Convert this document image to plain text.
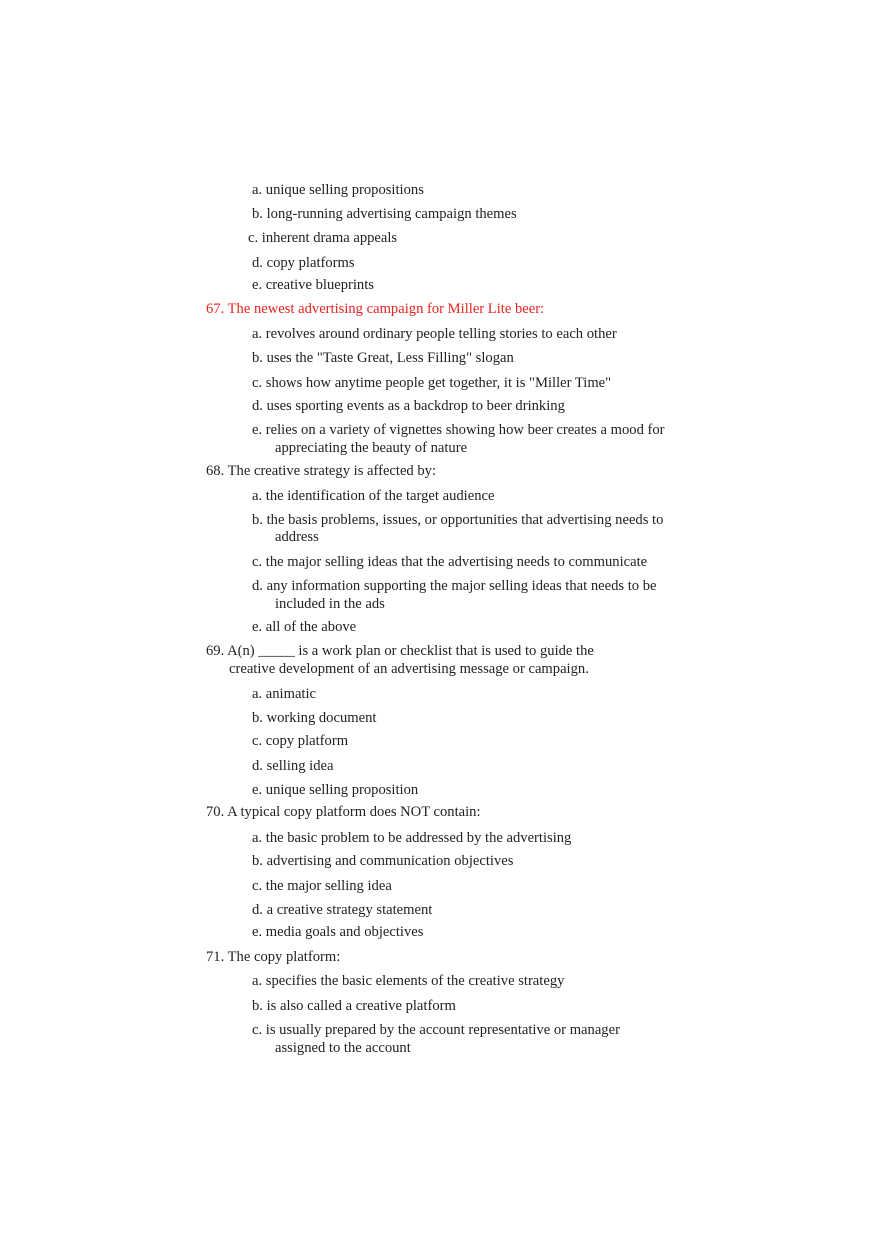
a. unique selling propositions
b. long-running advertising campaign themes
c. inherent drama appeals
d. copy platforms
e. creative blueprints
67. The newest advertising campaign for Miller Lite beer:
a. revolves around ordinary people telling stories to each other
b. uses the "Taste Great, Less Filling" slogan
c. shows how anytime people get together, it is "Miller Time"
d. uses sporting events as a backdrop to beer drinking
e. relies on a variety of vignettes showing how beer creates a mood for
appreciating the beauty of nature
68. The creative strategy is affected by:
a. the identification of the target audience
b. the basis problems, issues, or opportunities that advertising needs to
address
c. the major selling ideas that the advertising needs to communicate
d. any information supporting the major selling ideas that needs to be
included in the ads
e. all of the above
69. A(n) _____ is a work plan or checklist that is used to guide the
creative development of an advertising message or campaign.
a. animatic
b. working document
c. copy platform
d. selling idea
e. unique selling proposition
70. A typical copy platform does NOT contain:
a. the basic problem to be addressed by the advertising
b. advertising and communication objectives
c. the major selling idea
d. a creative strategy statement
e. media goals and objectives
71. The copy platform:
a. specifies the basic elements of the creative strategy
b. is also called a creative platform
c. is usually prepared by the account representative or manager
assigned to the account
